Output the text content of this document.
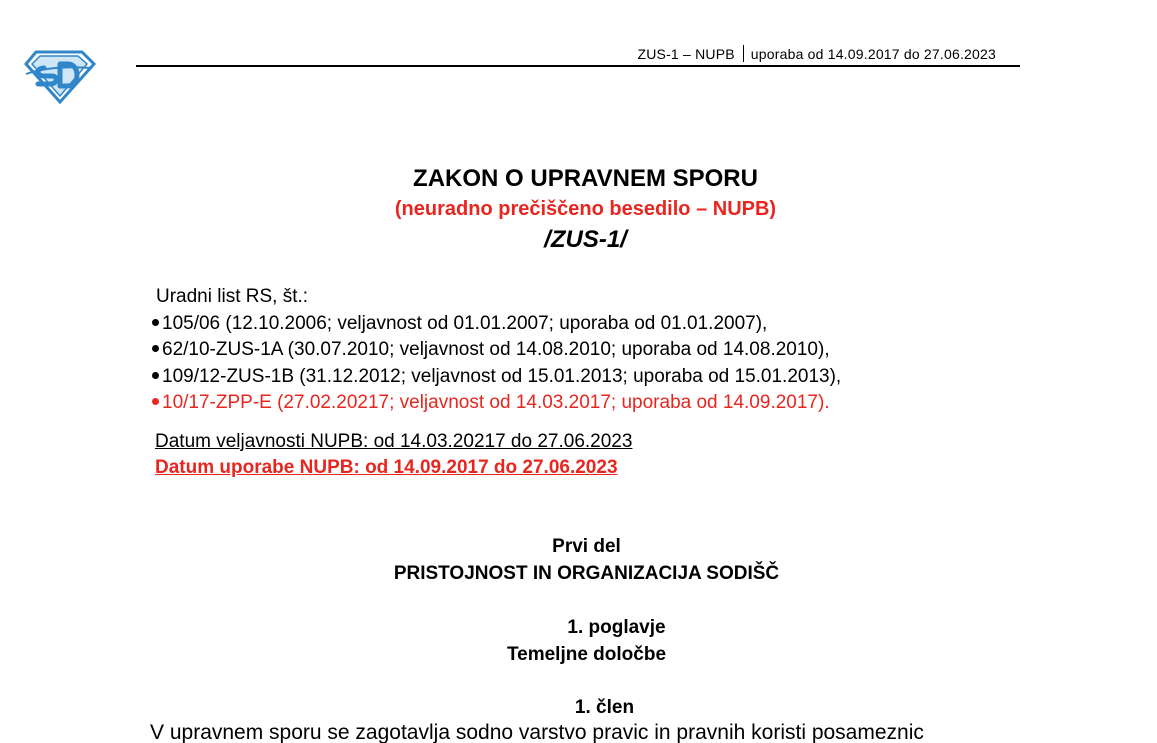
ZUS-1 – NUPB uporaba od 14.09.2017 do 27.06.2023
ZAKON O UPRAVNEM SPORU
(neuradno prečiščeno besedilo – NUPB)
/ZUS-1/
Uradni list RS, št.:
105/06 (12.10.2006; veljavnost od 01.01.2007; uporaba od 01.01.2007),
62/10-ZUS-1A (30.07.2010; veljavnost od 14.08.2010; uporaba od 14.08.2010),
109/12-ZUS-1B (31.12.2012; veljavnost od 15.01.2013; uporaba od 15.01.2013),
10/17-ZPP-E (27.02.20217; veljavnost od 14.03.2017; uporaba od 14.09.2017).
Datum veljavnosti NUPB: od 14.03.20217 do 27.06.2023
Datum uporabe NUPB: od 14.09.2017 do 27.06.2023
Prvi del
PRISTOJNOST IN ORGANIZACIJA SODIŠČ
1. poglavje
Temeljne določbe
1. člen
V upravnem sporu se zagotavlja sodno varstvo pravic in pravnih koristi posameznic
